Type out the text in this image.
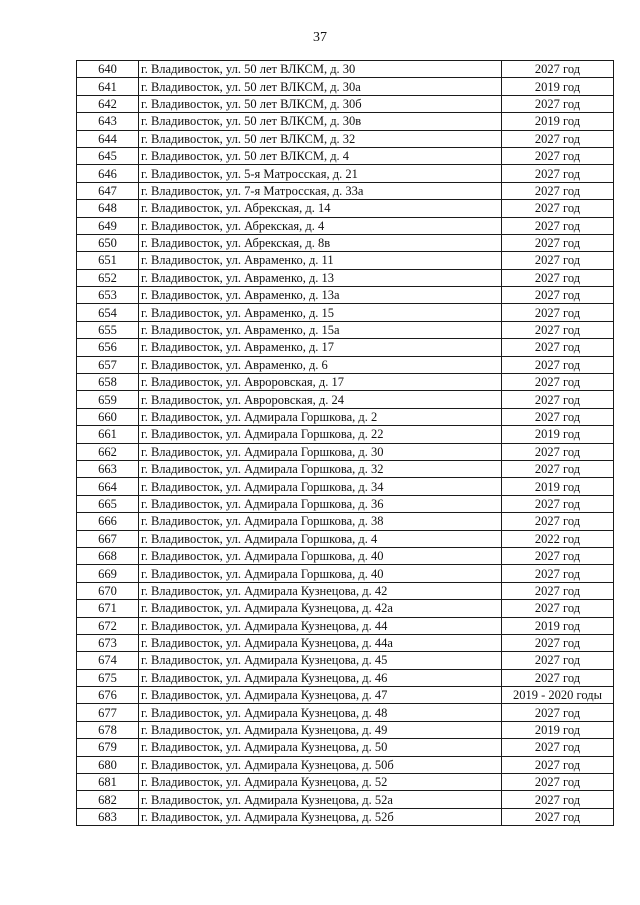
37
640	г. Владивосток, ул. 50 лет ВЛКСМ, д. 30	2027 год
641	г. Владивосток, ул. 50 лет ВЛКСМ, д. 30а	2019 год
642	г. Владивосток, ул. 50 лет ВЛКСМ, д. 30б	2027 год
643	г. Владивосток, ул. 50 лет ВЛКСМ, д. 30в	2019 год
644	г. Владивосток, ул. 50 лет ВЛКСМ, д. 32	2027 год
645	г. Владивосток, ул. 50 лет ВЛКСМ, д. 4	2027 год
646	г. Владивосток, ул. 5-я Матросская, д. 21	2027 год
647	г. Владивосток, ул. 7-я Матросская, д. 33а	2027 год
648	г. Владивосток, ул. Абрекская, д. 14	2027 год
649	г. Владивосток, ул. Абрекская, д. 4	2027 год
650	г. Владивосток, ул. Абрекская, д. 8в	2027 год
651	г. Владивосток, ул. Авраменко, д. 11	2027 год
652	г. Владивосток, ул. Авраменко, д. 13	2027 год
653	г. Владивосток, ул. Авраменко, д. 13а	2027 год
654	г. Владивосток, ул. Авраменко, д. 15	2027 год
655	г. Владивосток, ул. Авраменко, д. 15а	2027 год
656	г. Владивосток, ул. Авраменко, д. 17	2027 год
657	г. Владивосток, ул. Авраменко, д. 6	2027 год
658	г. Владивосток, ул. Авроровская, д. 17	2027 год
659	г. Владивосток, ул. Авроровская, д. 24	2027 год
660	г. Владивосток, ул. Адмирала Горшкова, д. 2	2027 год
661	г. Владивосток, ул. Адмирала Горшкова, д. 22	2019 год
662	г. Владивосток, ул. Адмирала Горшкова, д. 30	2027 год
663	г. Владивосток, ул. Адмирала Горшкова, д. 32	2027 год
664	г. Владивосток, ул. Адмирала Горшкова, д. 34	2019 год
665	г. Владивосток, ул. Адмирала Горшкова, д. 36	2027 год
666	г. Владивосток, ул. Адмирала Горшкова, д. 38	2027 год
667	г. Владивосток, ул. Адмирала Горшкова, д. 4	2022 год
668	г. Владивосток, ул. Адмирала Горшкова, д. 40	2027 год
669	г. Владивосток, ул. Адмирала Горшкова, д. 40	2027 год
670	г. Владивосток, ул. Адмирала Кузнецова, д. 42	2027 год
671	г. Владивосток, ул. Адмирала Кузнецова, д. 42а	2027 год
672	г. Владивосток, ул. Адмирала Кузнецова, д. 44	2019 год
673	г. Владивосток, ул. Адмирала Кузнецова, д. 44а	2027 год
674	г. Владивосток, ул. Адмирала Кузнецова, д. 45	2027 год
675	г. Владивосток, ул. Адмирала Кузнецова, д. 46	2027 год
676	г. Владивосток, ул. Адмирала Кузнецова, д. 47	2019 - 2020 годы
677	г. Владивосток, ул. Адмирала Кузнецова, д. 48	2027 год
678	г. Владивосток, ул. Адмирала Кузнецова, д. 49	2019 год
679	г. Владивосток, ул. Адмирала Кузнецова, д. 50	2027 год
680	г. Владивосток, ул. Адмирала Кузнецова, д. 50б	2027 год
681	г. Владивосток, ул. Адмирала Кузнецова, д. 52	2027 год
682	г. Владивосток, ул. Адмирала Кузнецова, д. 52а	2027 год
683	г. Владивосток, ул. Адмирала Кузнецова, д. 52б	2027 год
